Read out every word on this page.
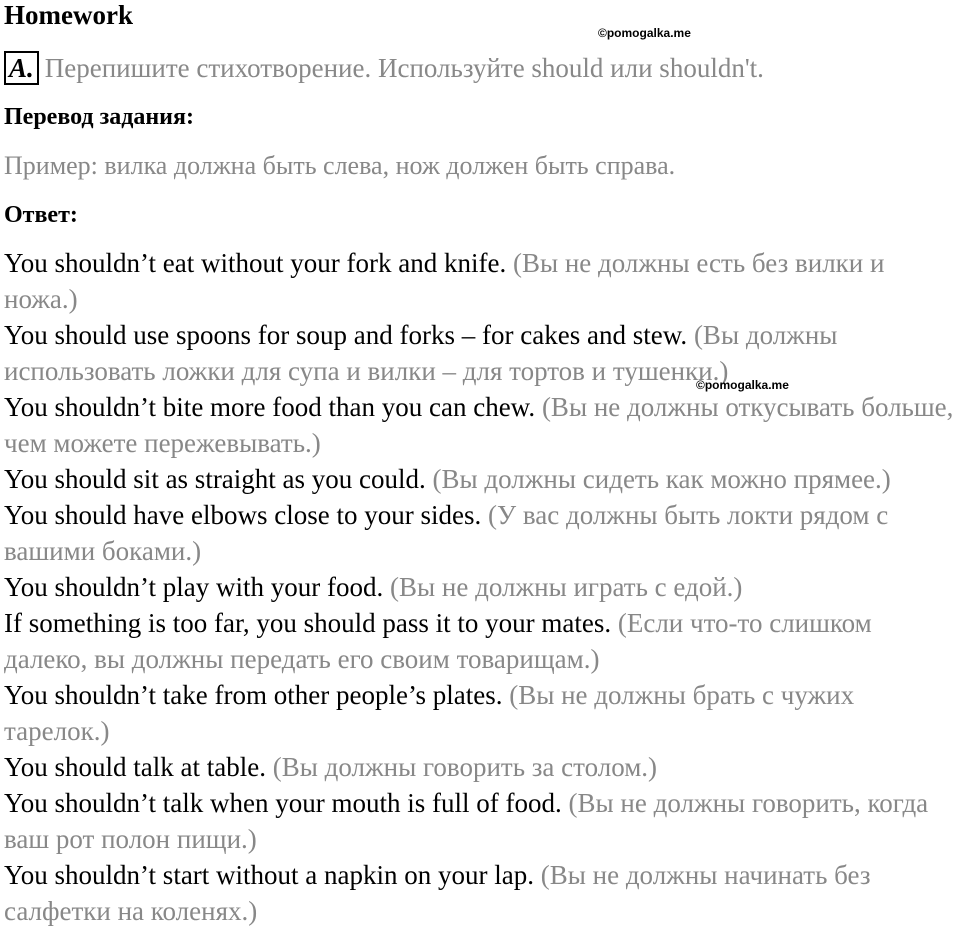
Homework
©pomogalka.me
A. Перепишите стихотворение. Используйте should или shouldn't.
Перевод задания:
Пример: вилка должна быть слева, нож должен быть справа.
Ответ:
You shouldn’t eat without your fork and knife. (Вы не должны есть без вилки и ножа.)
You should use spoons for soup and forks – for cakes and stew. (Вы должны использовать ложки для супа и вилки – для тортов и тушенки.)
You shouldn’t bite more food than you can chew. (Вы не должны откусывать больше, чем можете пережевывать.)
You should sit as straight as you could. (Вы должны сидеть как можно прямее.)
You should have elbows close to your sides. (У вас должны быть локти рядом с вашими боками.)
You shouldn’t play with your food. (Вы не должны играть с едой.)
If something is too far, you should pass it to your mates. (Если что-то слишком далеко, вы должны передать его своим товарищам.)
You shouldn’t take from other people’s plates. (Вы не должны брать с чужих тарелок.)
You should talk at table. (Вы должны говорить за столом.)
You shouldn’t talk when your mouth is full of food. (Вы не должны говорить, когда ваш рот полон пищи.)
You shouldn’t start without a napkin on your lap. (Вы не должны начинать без салфетки на коленях.)
©pomogalka.me
